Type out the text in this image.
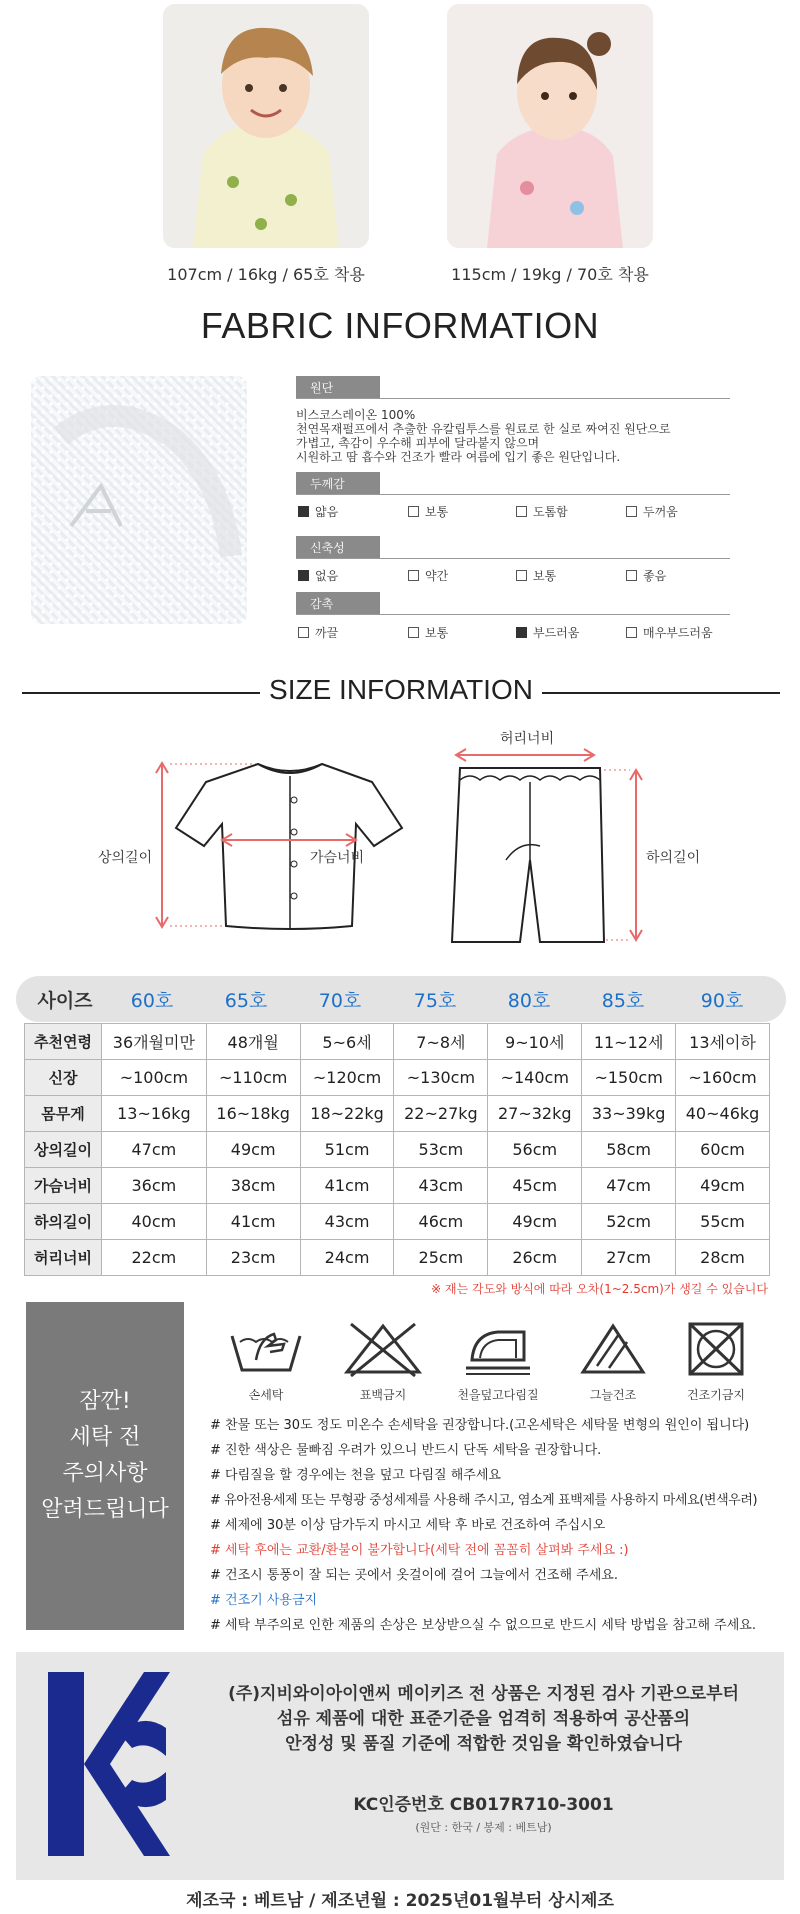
107cm / 16kg / 65호 착용	115cm / 19kg / 70호 착용
FABRIC INFORMATION
원단
비스코스레이온 100%
천연목재펄프에서 추출한 유칼립투스를 원료로 한 실로 짜여진 원단으로
가볍고, 촉감이 우수해 피부에 달라붙지 않으며
시원하고 땀 흡수와 건조가 빨라 여름에 입기 좋은 원단입니다.
두께감
얇음	보통	도톰함	두꺼움
신축성
없음	약간	보통	좋음
감촉
까끌	보통	부드러움	매우부드러움
SIZE INFORMATION
상의길이	가슴너비
허리너비
하의길이
사이즈	60호	65호	70호	75호	80호	85호	90호
추천연령	36개월미만	48개월	5~6세	7~8세	9~10세	11~12세	13세이하
신장	~100cm	~110cm	~120cm	~130cm	~140cm	~150cm	~160cm
몸무게	13~16kg	16~18kg	18~22kg	22~27kg	27~32kg	33~39kg	40~46kg
상의길이	47cm	49cm	51cm	53cm	56cm	58cm	60cm
가슴너비	36cm	38cm	41cm	43cm	45cm	47cm	49cm
하의길이	40cm	41cm	43cm	46cm	49cm	52cm	55cm
허리너비	22cm	23cm	24cm	25cm	26cm	27cm	28cm
※ 재는 각도와 방식에 따라 오차(1~2.5cm)가 생길 수 있습니다
잠깐!
세탁 전
주의사항
알려드립니다
손세탁	표백금지	천을덮고다림질	그늘건조	건조기금지
# 찬물 또는 30도 정도 미온수 손세탁을 권장합니다.(고온세탁은 세탁물 변형의 원인이 됩니다)
# 진한 색상은 물빠짐 우려가 있으니 반드시 단독 세탁을 권장합니다.
# 다림질을 할 경우에는 천을 덮고 다림질 해주세요
# 유아전용세제 또는 무형광 중성세제를 사용해 주시고, 염소계 표백제를 사용하지 마세요(변색우려)
# 세제에 30분 이상 담가두지 마시고 세탁 후 바로 건조하여 주십시오
# 세탁 후에는 교환/환불이 불가합니다(세탁 전에 꼼꼼히 살펴봐 주세요 :)
# 건조시 통풍이 잘 되는 곳에서 옷걸이에 걸어 그늘에서 건조해 주세요.
# 건조기 사용금지
# 세탁 부주의로 인한 제품의 손상은 보상받으실 수 없으므로 반드시 세탁 방법을 참고해 주세요.
(주)지비와이아이앤씨 메이키즈 전 상품은 지정된 검사 기관으로부터
섬유 제품에 대한 표준기준을 엄격히 적용하여 공산품의
안정성 및 품질 기준에 적합한 것임을 확인하였습니다
KC인증번호 CB017R710-3001
(원단 : 한국 / 봉제 : 베트남)
제조국 : 베트남 / 제조년월 : 2025년01월부터 상시제조
